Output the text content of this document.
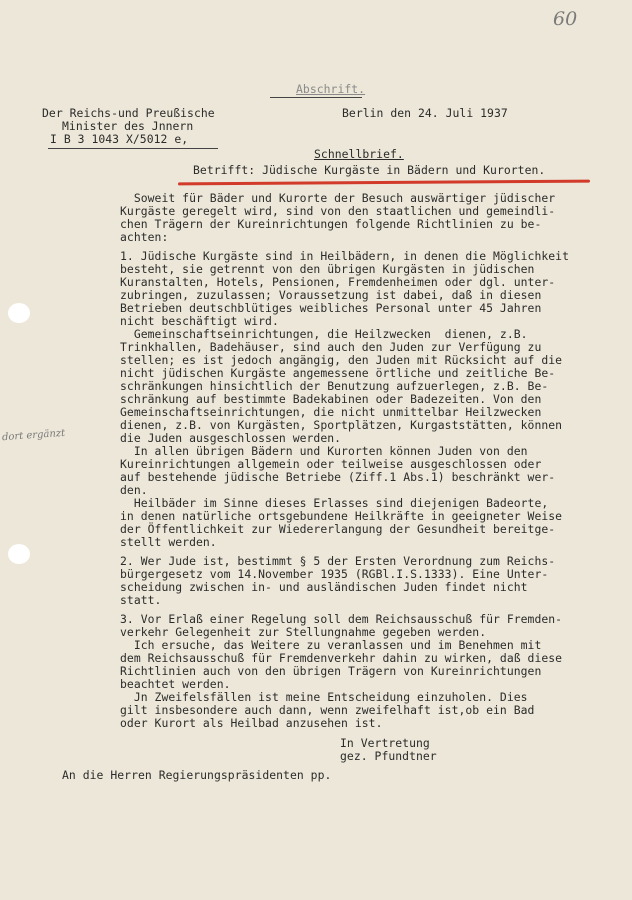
60
Abschrift.
Der Reichs-und Preußische
Minister des Jnnern
I B 3 1043 X/5012 e,
Berlin den 24. Juli 1937
Schnellbrief.
Betrifft: Jüdische Kurgäste in Bädern und Kurorten.
dort ergänzt
Soweit für Bäder und Kurorte der Besuch auswärtiger jüdischer
Kurgäste geregelt wird, sind von den staatlichen und gemeindli-
chen Trägern der Kureinrichtungen folgende Richtlinien zu be-
achten:
1. Jüdische Kurgäste sind in Heilbädern, in denen die Möglichkeit
besteht, sie getrennt von den übrigen Kurgästen in jüdischen
Kuranstalten, Hotels, Pensionen, Fremdenheimen oder dgl. unter-
zubringen, zuzulassen; Voraussetzung ist dabei, daß in diesen
Betrieben deutschblütiges weibliches Personal unter 45 Jahren
nicht beschäftigt wird.
Gemeinschaftseinrichtungen, die Heilzwecken  dienen, z.B.
Trinkhallen, Badehäuser, sind auch den Juden zur Verfügung zu
stellen; es ist jedoch angängig, den Juden mit Rücksicht auf die
nicht jüdischen Kurgäste angemessene örtliche und zeitliche Be-
schränkungen hinsichtlich der Benutzung aufzuerlegen, z.B. Be-
schränkung auf bestimmte Badekabinen oder Badezeiten. Von den
Gemeinschaftseinrichtungen, die nicht unmittelbar Heilzwecken
dienen, z.B. von Kurgästen, Sportplätzen, Kurgaststätten, können
die Juden ausgeschlossen werden.
In allen übrigen Bädern und Kurorten können Juden von den
Kureinrichtungen allgemein oder teilweise ausgeschlossen oder
auf bestehende jüdische Betriebe (Ziff.1 Abs.1) beschränkt wer-
den.
Heilbäder im Sinne dieses Erlasses sind diejenigen Badeorte,
in denen natürliche ortsgebundene Heilkräfte in geeigneter Weise
der Öffentlichkeit zur Wiedererlangung der Gesundheit bereitge-
stellt werden.
2. Wer Jude ist, bestimmt § 5 der Ersten Verordnung zum Reichs-
bürgergesetz vom 14.November 1935 (RGBl.I.S.1333). Eine Unter-
scheidung zwischen in- und ausländischen Juden findet nicht
statt.
3. Vor Erlaß einer Regelung soll dem Reichsausschuß für Fremden-
verkehr Gelegenheit zur Stellungnahme gegeben werden.
Ich ersuche, das Weitere zu veranlassen und im Benehmen mit
dem Reichsausschuß für Fremdenverkehr dahin zu wirken, daß diese
Richtlinien auch von den übrigen Trägern von Kureinrichtungen
beachtet werden.
Jn Zweifelsfällen ist meine Entscheidung einzuholen. Dies
gilt insbesondere auch dann, wenn zweifelhaft ist,ob ein Bad
oder Kurort als Heilbad anzusehen ist.
In Vertretung
gez. Pfundtner
An die Herren Regierungspräsidenten pp.
